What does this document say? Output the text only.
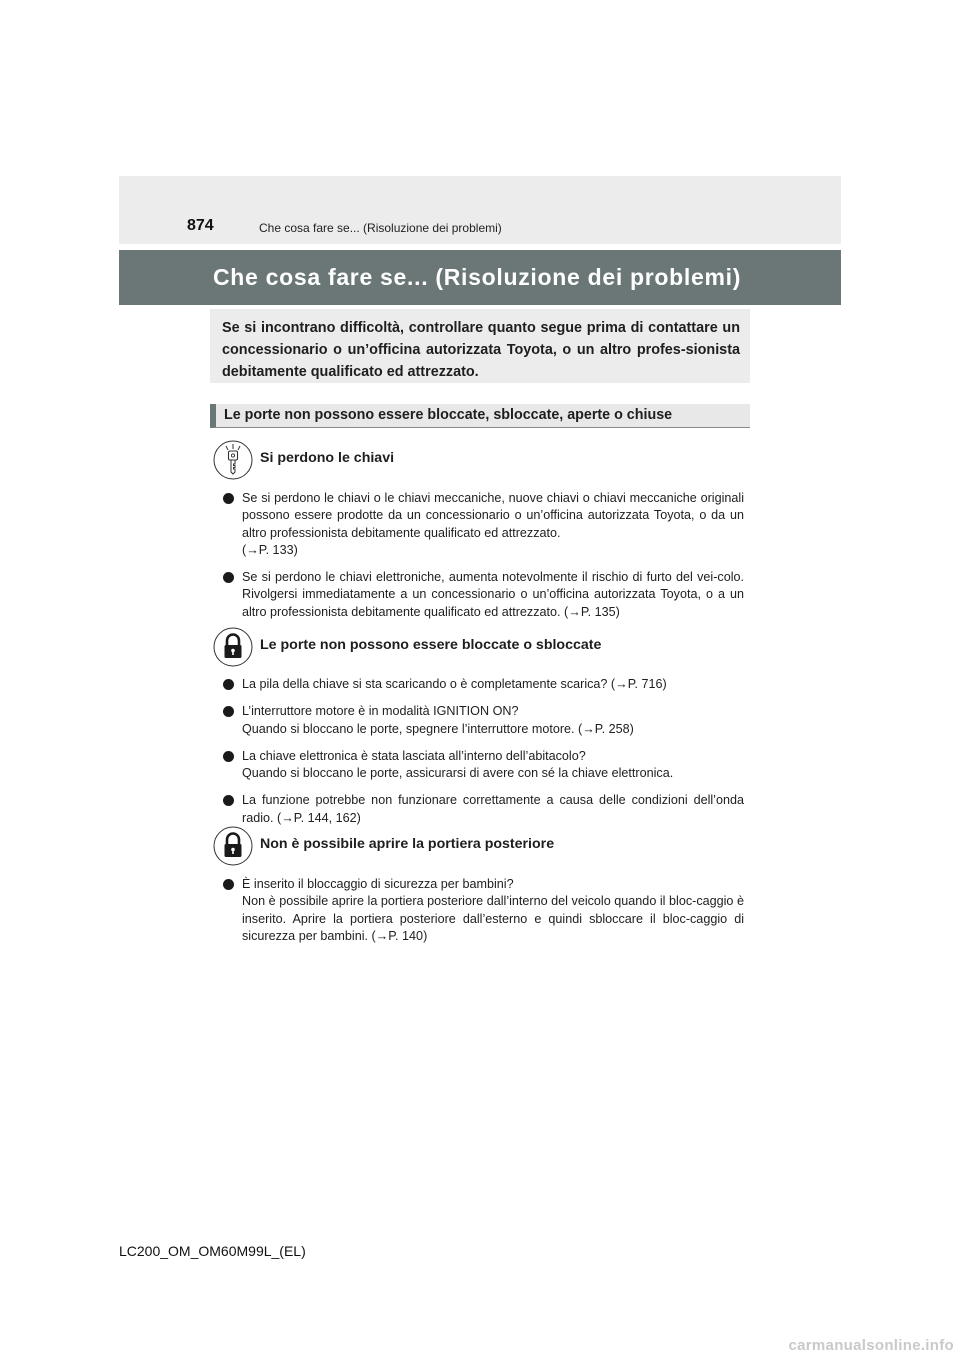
874	Che cosa fare se... (Risoluzione dei problemi)
Che cosa fare se... (Risoluzione dei problemi)
Se si incontrano difficoltà, controllare quanto segue prima di contattare un concessionario o un’officina autorizzata Toyota, o un altro profes-sionista debitamente qualificato ed attrezzato.
Le porte non possono essere bloccate, sbloccate, aperte o chiuse
Si perdono le chiavi
Se si perdono le chiavi o le chiavi meccaniche, nuove chiavi o chiavi meccaniche originali possono essere prodotte da un concessionario o un’officina autorizzata Toyota, o da un altro professionista debitamente qualificato ed attrezzato.
(→P. 133)
Se si perdono le chiavi elettroniche, aumenta notevolmente il rischio di furto del vei-colo. Rivolgersi immediatamente a un concessionario o un’officina autorizzata Toyota, o a un altro professionista debitamente qualificato ed attrezzato. (→P. 135)
Le porte non possono essere bloccate o sbloccate
La pila della chiave si sta scaricando o è completamente scarica? (→P. 716)
L’interruttore motore è in modalità IGNITION ON?
Quando si bloccano le porte, spegnere l’interruttore motore. (→P. 258)
La chiave elettronica è stata lasciata all’interno dell’abitacolo?
Quando si bloccano le porte, assicurarsi di avere con sé la chiave elettronica.
La funzione potrebbe non funzionare correttamente a causa delle condizioni dell’onda radio. (→P. 144, 162)
Non è possibile aprire la portiera posteriore
È inserito il bloccaggio di sicurezza per bambini?
Non è possibile aprire la portiera posteriore dall’interno del veicolo quando il bloc-caggio è inserito. Aprire la portiera posteriore dall’esterno e quindi sbloccare il bloc-caggio di sicurezza per bambini. (→P. 140)
LC200_OM_OM60M99L_(EL)
carmanualsonline.info
